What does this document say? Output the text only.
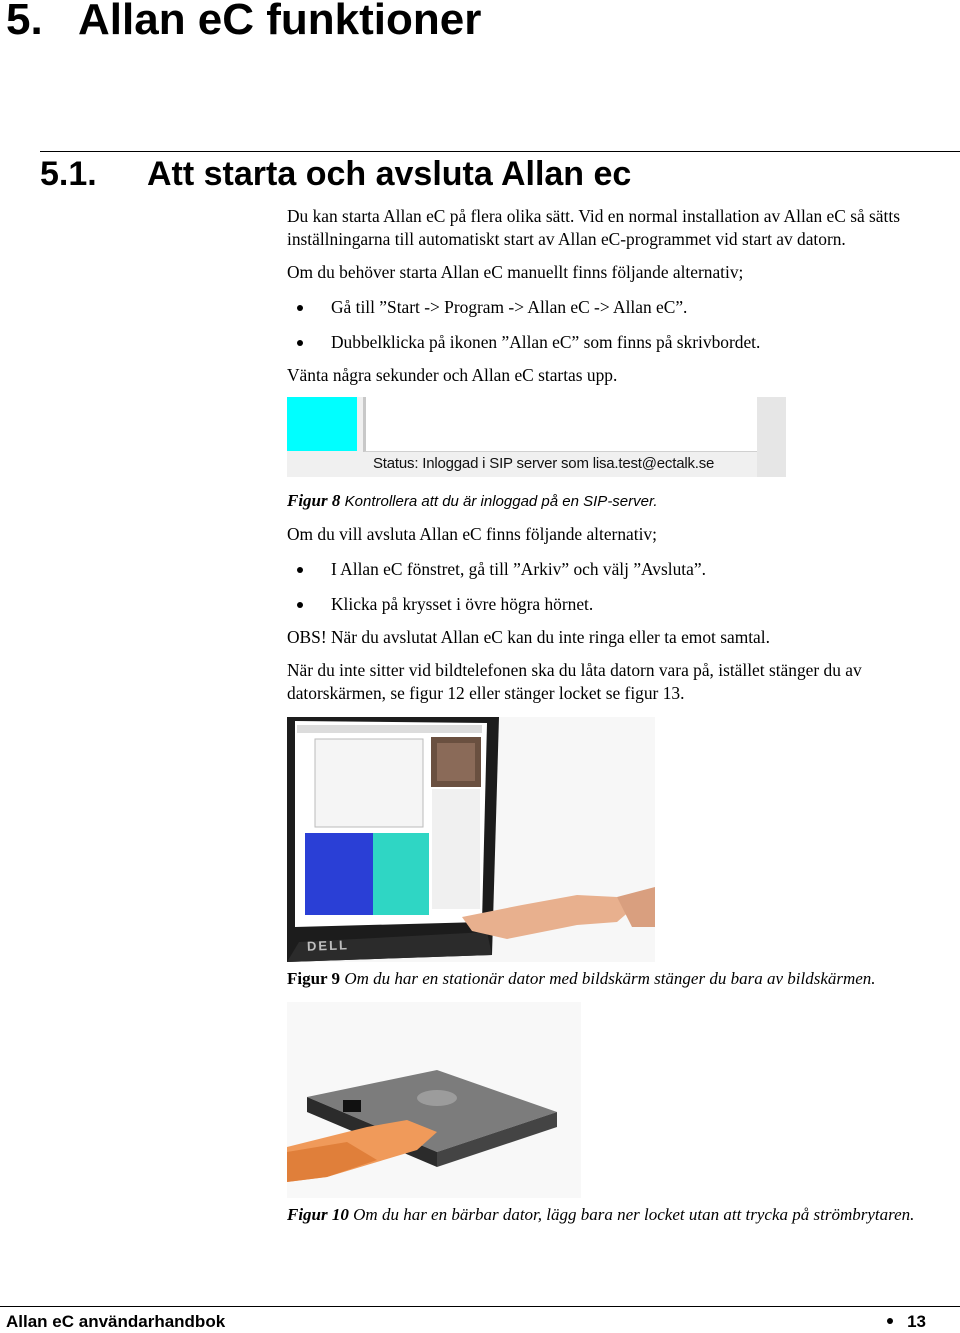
5. Allan eC funktioner
5.1. Att starta och avsluta Allan ec

Du kan starta Allan eC på flera olika sätt. Vid en normal installation av Allan eC så sätts inställningarna till automatiskt start av Allan eC-programmet vid start av datorn.

Om du behöver starta Allan eC manuellt finns följande alternativ;

Gå till ”Start -> Program -> Allan eC -> Allan eC”.
Dubbelklicka på ikonen ”Allan eC” som finns på skrivbordet.

Vänta några sekunder och Allan eC startas upp.

Status: Inloggad i SIP server som lisa.test@ectalk.se

Figur 8 Kontrollera att du är inloggad på en SIP-server.

Om du vill avsluta Allan eC finns följande alternativ;

I Allan eC fönstret, gå till ”Arkiv” och välj ”Avsluta”.
Klicka på krysset i övre högra hörnet.

OBS! När du avslutat Allan eC kan du inte ringa eller ta emot samtal.

När du inte sitter vid bildtelefonen ska du låta datorn vara på, istället stänger du av datorskärmen, se figur 12 eller stänger locket se figur 13.

DELL

Figur 9 Om du har en stationär dator med bildskärm stänger du bara av bildskärmen.

Figur 10 Om du har en bärbar dator, lägg bara ner locket utan att trycka på strömbrytaren.

Allan eC användarhandbok	13
